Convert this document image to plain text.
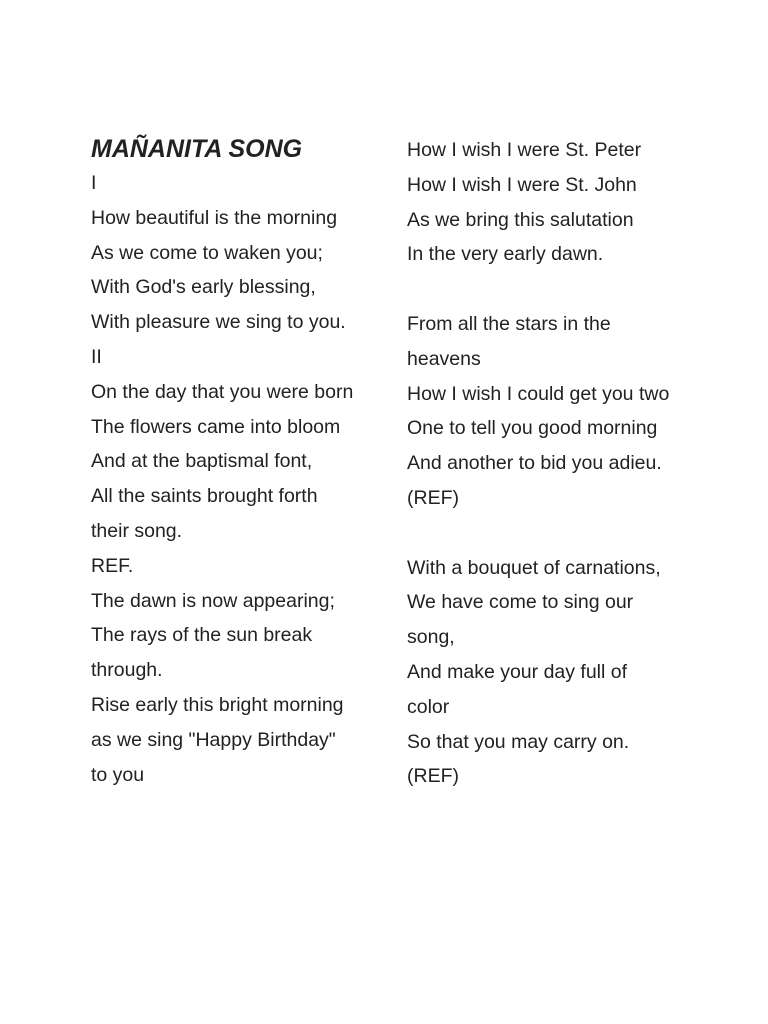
MAÑANITA SONG
I
How beautiful is the morning
As we come to waken you;
With God's early blessing,
With pleasure we sing to you.
II
On the day that you were born
The flowers came into bloom
And at the baptismal font,
All the saints brought forth
their song.
REF.
The dawn is now appearing;
The rays of the sun break
through.
Rise early this bright morning
as we sing "Happy Birthday"
to you
How I wish I were St. Peter
How I wish I were St. John
As we bring this salutation
In the very early dawn.
From all the stars in the
heavens
How I wish I could get you two
One to tell you good morning
And another to bid you adieu.
(REF)
With a bouquet of carnations,
We have come to sing our
song,
And make your day full of
color
So that you may carry on.
(REF)
